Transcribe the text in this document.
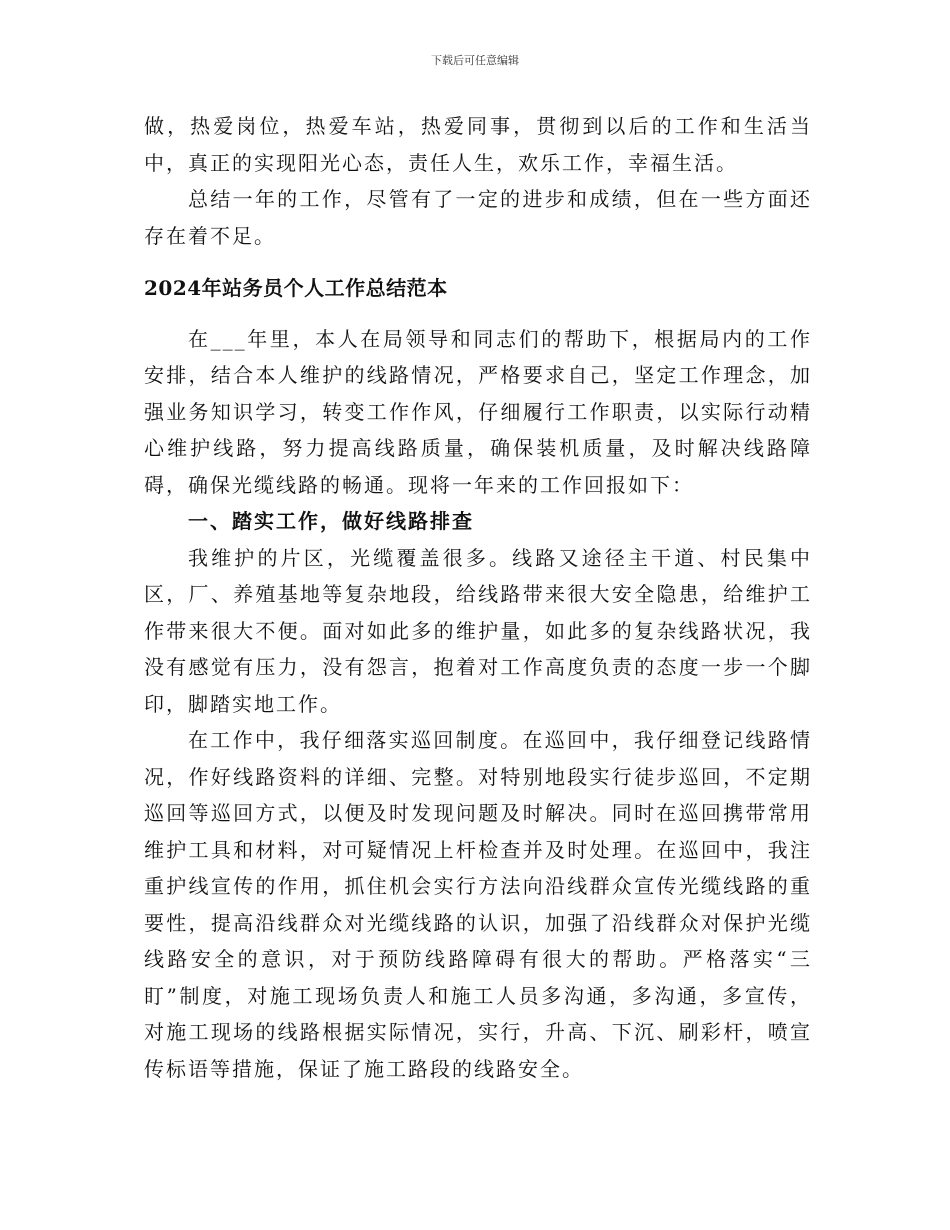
下载后可任意编辑

做，热爱岗位，热爱车站，热爱同事，贯彻到以后的工作和生活当中，真正的实现阳光心态，责任人生，欢乐工作，幸福生活。

总结一年的工作，尽管有了一定的进步和成绩，但在一些方面还存在着不足。

2024年站务员个人工作总结范本

在___年里，本人在局领导和同志们的帮助下，根据局内的工作安排，结合本人维护的线路情况，严格要求自己，坚定工作理念，加强业务知识学习，转变工作作风，仔细履行工作职责，以实际行动精心维护线路，努力提高线路质量，确保装机质量，及时解决线路障碍，确保光缆线路的畅通。现将一年来的工作回报如下：

一、踏实工作，做好线路排查

我维护的片区，光缆覆盖很多。线路又途径主干道、村民集中区，厂、养殖基地等复杂地段，给线路带来很大安全隐患，给维护工作带来很大不便。面对如此多的维护量，如此多的复杂线路状况，我没有感觉有压力，没有怨言，抱着对工作高度负责的态度一步一个脚印，脚踏实地工作。

在工作中，我仔细落实巡回制度。在巡回中，我仔细登记线路情况，作好线路资料的详细、完整。对特别地段实行徒步巡回，不定期巡回等巡回方式，以便及时发现问题及时解决。同时在巡回携带常用维护工具和材料，对可疑情况上杆检查并及时处理。在巡回中，我注重护线宣传的作用，抓住机会实行方法向沿线群众宣传光缆线路的重要性，提高沿线群众对光缆线路的认识，加强了沿线群众对保护光缆线路安全的意识，对于预防线路障碍有很大的帮助。严格落实“三盯”制度，对施工现场负责人和施工人员多沟通，多沟通，多宣传，对施工现场的线路根据实际情况，实行，升高、下沉、刷彩杆，喷宣传标语等措施，保证了施工路段的线路安全。
